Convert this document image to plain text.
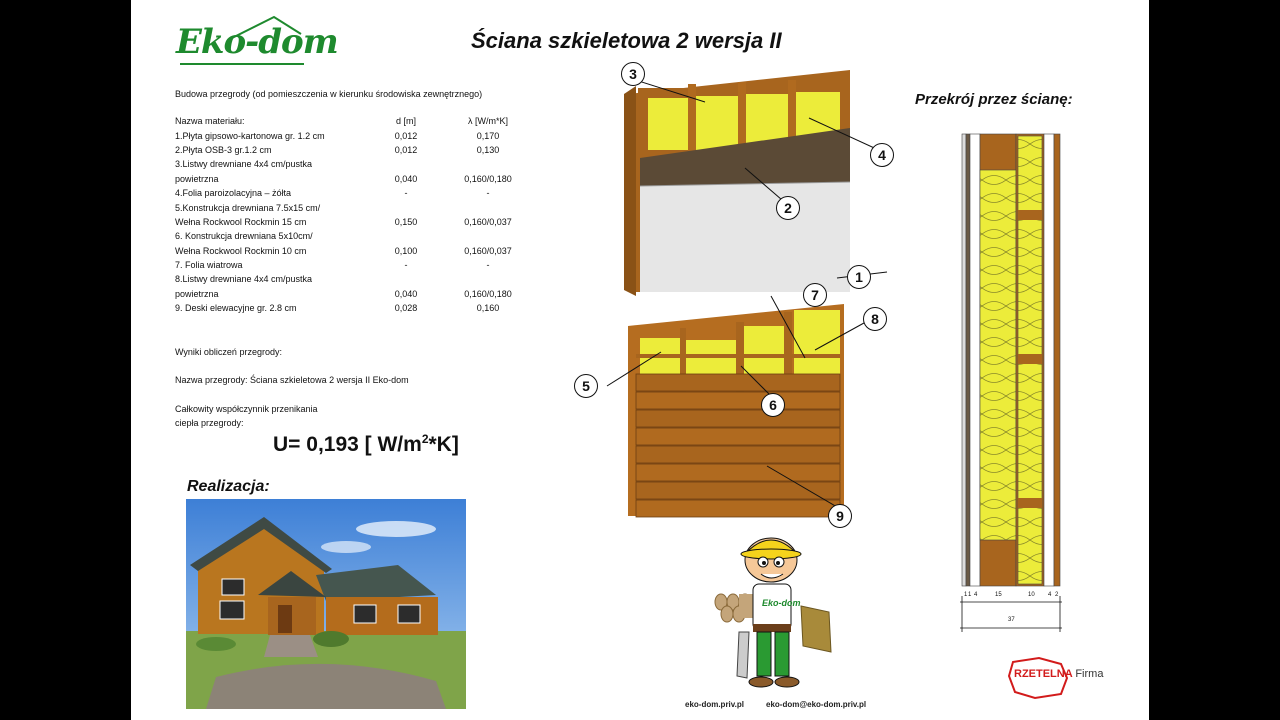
Eko-dom	Ściana szkieletowa 2 wersja II
Budowa przegrody (od pomieszczenia w kierunku środowiska zewnętrznego)
Nazwa materiału:	d [m]	λ [W/m*K]
1.Płyta gipsowo-kartonowa gr. 1.2 cm	0,012	0,170
2.Płyta OSB-3 gr.1.2 cm	0,012	0,130
3.Listwy drewniane 4x4 cm/pustka		
powietrzna	0,040	0,160/0,180
4.Folia paroizolacyjna – żółta	-	-
5.Konstrukcja drewniana 7.5x15 cm/		
Wełna Rockwool Rockmin 15 cm	0,150	0,160/0,037
6. Konstrukcja drewniana 5x10cm/		
Wełna Rockwool Rockmin 10 cm	0,100	0,160/0,037
7. Folia wiatrowa	-	-
8.Listwy drewniane 4x4 cm/pustka		
powietrzna	0,040	0,160/0,180
9. Deski elewacyjne gr. 2.8 cm	0,028	0,160
Wyniki obliczeń przegrody:
Nazwa przegrody: Ściana szkieletowa 2 wersja II Eko-dom
Całkowity współczynnik przenikania
ciepła przegrody:
U= 0,193 [ $W/m^2*K$]
Realizacja:
1
2
3
4
5
6
7
8
9
Przekrój przez ścianę:
1 1 4	15	10 4 2
37
Eko-dom
eko-dom.priv.pl	eko-dom@eko-dom.priv.pl
RZETELNA Firma
